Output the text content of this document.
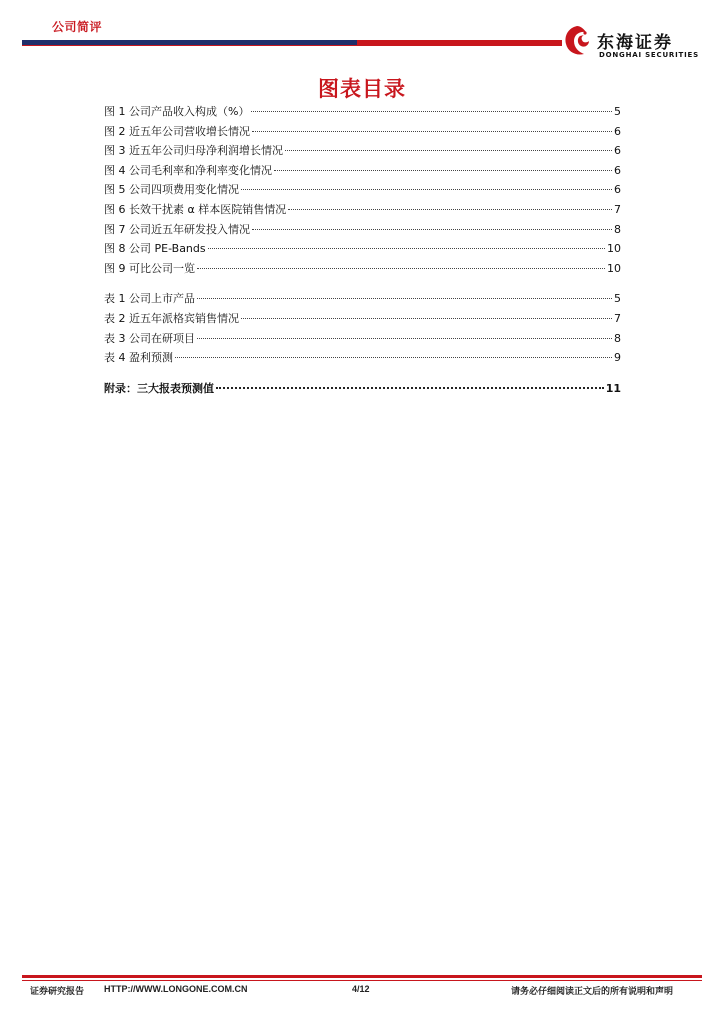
公司简评
东海证券
DONGHAI SECURITIES
图表目录
图 1 公司产品收入构成（%）	5
图 2 近五年公司营收增长情况	6
图 3 近五年公司归母净利润增长情况	6
图 4 公司毛利率和净利率变化情况	6
图 5 公司四项费用变化情况	6
图 6 长效干扰素 α 样本医院销售情况	7
图 7 公司近五年研发投入情况	8
图 8 公司 PE-Bands	10
图 9 可比公司一览	10
表 1 公司上市产品	5
表 2 近五年派格宾销售情况	7
表 3 公司在研项目	8
表 4 盈利预测	9
附录：三大报表预测值	11
证券研究报告 HTTP://WWW.LONGONE.COM.CN	4/12	请务必仔细阅读正文后的所有说明和声明
